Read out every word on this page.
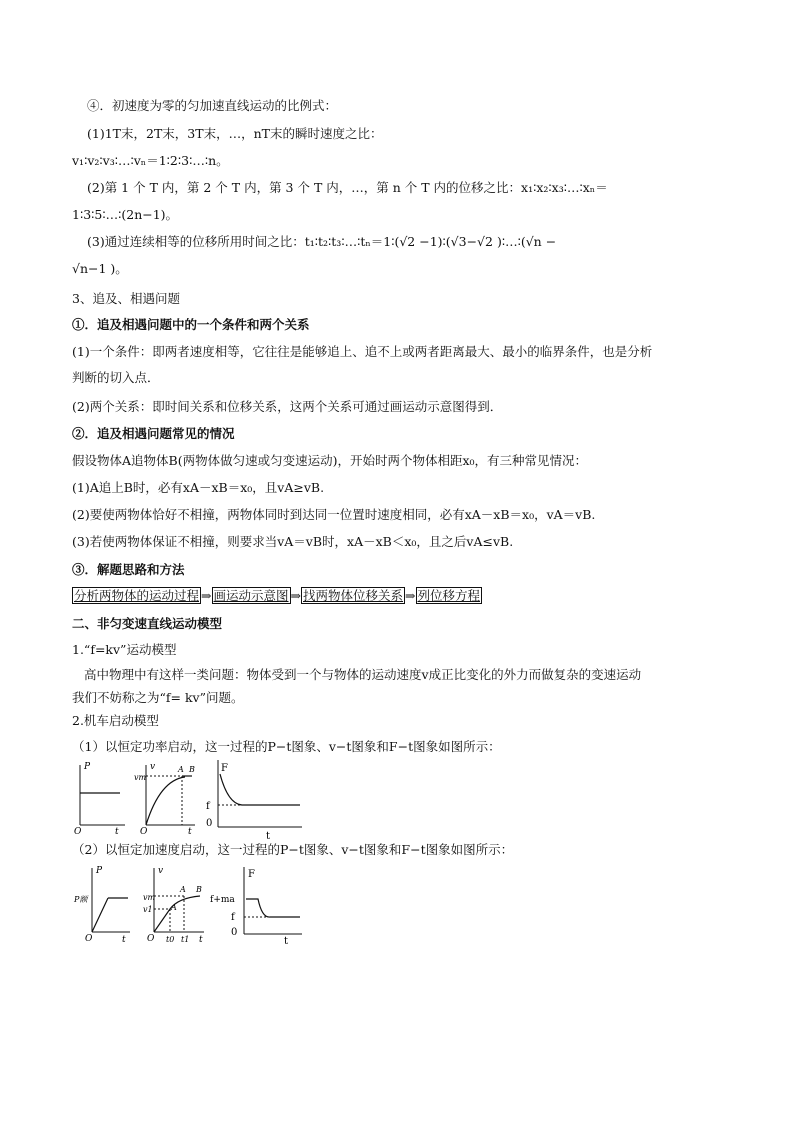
④．初速度为零的匀加速直线运动的比例式：
(1)1T末，2T末，3T末，…，nT末的瞬时速度之比：
v₁∶v₂∶v₃∶…∶vₙ＝1∶2∶3∶…∶n。
(2)第 1 个 T 内，第 2 个 T 内，第 3 个 T 内，…，第 n 个 T 内的位移之比：x₁∶x₂∶x₃∶…∶xₙ＝
1∶3∶5∶…∶(2n−1)。
(3)通过连续相等的位移所用时间之比：t₁∶t₂∶t₃∶…∶tₙ＝1∶(√2 −1)∶(√3−√2 )∶…∶(√n −
√n−1 )。
3、追及、相遇问题
①．追及相遇问题中的一个条件和两个关系
(1)一个条件：即两者速度相等，它往往是能够追上、追不上或两者距离最大、最小的临界条件，也是分析
判断的切入点．
(2)两个关系：即时间关系和位移关系，这两个关系可通过画运动示意图得到．
②．追及相遇问题常见的情况
假设物体A追物体B(两物体做匀速或匀变速运动)，开始时两个物体相距x₀，有三种常见情况：
(1)A追上B时，必有xA－xB＝x₀，且vA≥vB.
(2)要使两物体恰好不相撞，两物体同时到达同一位置时速度相同，必有xA－xB＝x₀，vA＝vB.
(3)若使两物体保证不相撞，则要求当vA＝vB时，xA－xB＜x₀，且之后vA≤vB.
③．解题思路和方法
分析两物体的运动过程 ⇒ 画运动示意图 ⇒ 找两物体位移关系 ⇒ 列位移方程
二、非匀变速直线运动模型
1.“f=kv”运动模型
高中物理中有这样一类问题：物体受到一个与物体的运动速度v成正比变化的外力而做复杂的变速运动
我们不妨称之为“f= kv”问题。
2.机车启动模型
（1）以恒定功率启动，这一过程的P−t图象、v−t图象和F−t图象如图所示：
P
O	t
v
vm
A B
O	t
F
f
0
t
（2）以恒定加速度启动，这一过程的P−t图象、v−t图象和F−t图象如图所示：
P
P额
O	t
v
vm
v1
A B
A
O t0 t1 t
F
f+ma
f
0
t
